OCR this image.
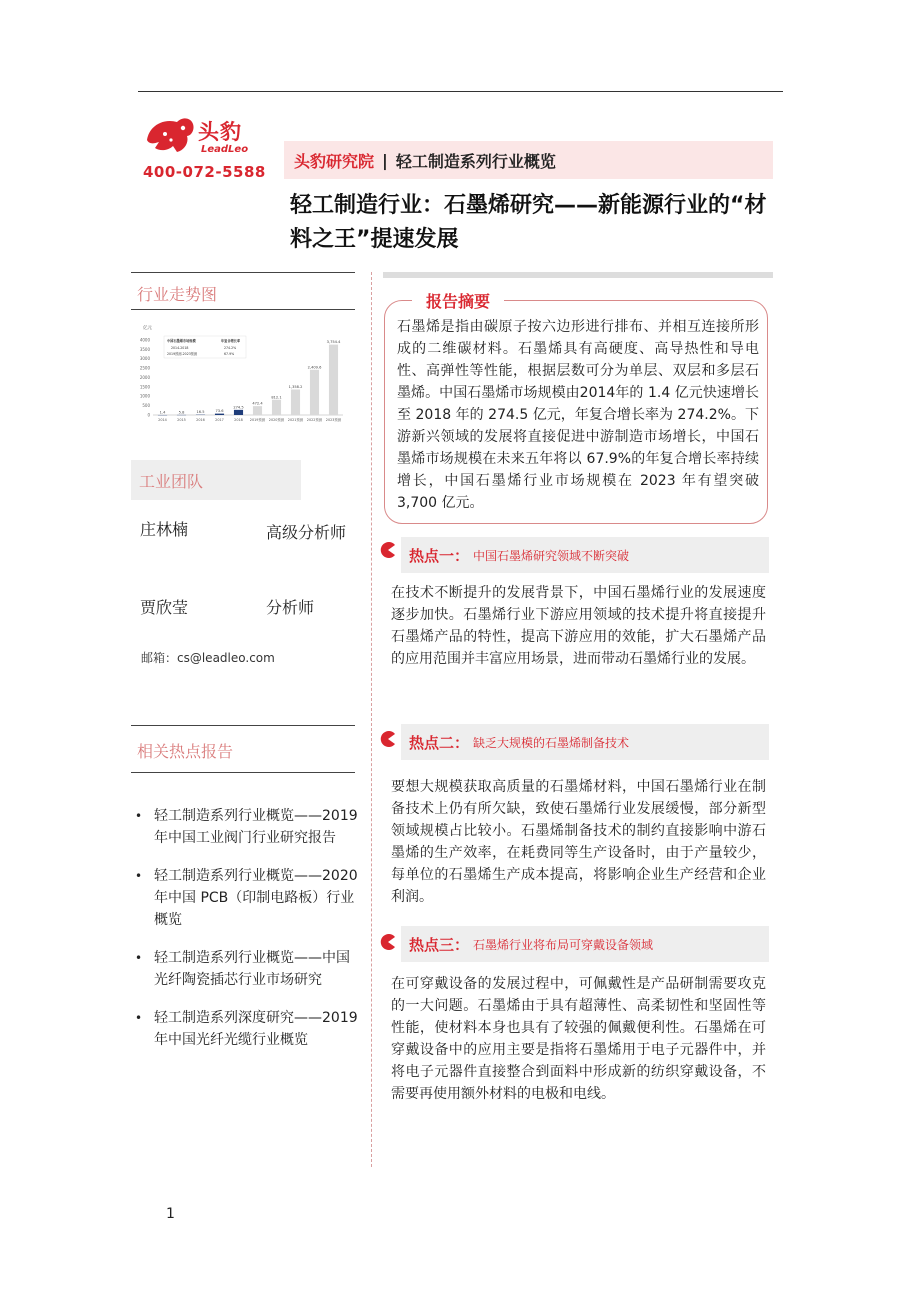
头豹
LeadLeo
400-072-5588
头豹研究院 | 轻工制造系列行业概览
轻工制造行业：石墨烯研究——新能源行业的“材料之王”提速发展
行业走势图
亿元
4000
3500
3000
2500
2000
1500
1000
500
0	1.4
2014
5.8
2015
16.5
2016
73.6
2017
274.5
2018
472.4
2019预测
812.1
2020预测
1,358.2
2021预测
2,409.6
2022预测
3,754.4
2023预测
中国石墨烯市场规模	年复合增长率
2014-2018	274.2%
2019预测-2023预测	67.9%
工业团队
庄林楠	高级分析师
贾欣莹	分析师
邮箱：cs@leadleo.com
相关热点报告
• 轻工制造系列行业概览——2019 年中国工业阀门行业研究报告
• 轻工制造系列行业概览——2020 年中国 PCB（印制电路板）行业概览
• 轻工制造系列行业概览——中国光纤陶瓷插芯行业市场研究
• 轻工制造系列深度研究——2019 年中国光纤光缆行业概览
报告摘要
石墨烯是指由碳原子按六边形进行排布、并相互连接所形成的二维碳材料。石墨烯具有高硬度、高导热性和导电性、高弹性等性能，根据层数可分为单层、双层和多层石墨烯。中国石墨烯市场规模由2014年的 1.4 亿元快速增长至 2018 年的 274.5 亿元，年复合增长率为 274.2%。下游新兴领域的发展将直接促进中游制造市场增长，中国石墨烯市场规模在未来五年将以 67.9%的年复合增长率持续增长，中国石墨烯行业市场规模在 2023 年有望突破 3,700 亿元。
热点一： 中国石墨烯研究领域不断突破
在技术不断提升的发展背景下，中国石墨烯行业的发展速度逐步加快。石墨烯行业下游应用领域的技术提升将直接提升石墨烯产品的特性，提高下游应用的效能，扩大石墨烯产品的应用范围并丰富应用场景，进而带动石墨烯行业的发展。
热点二： 缺乏大规模的石墨烯制备技术
要想大规模获取高质量的石墨烯材料，中国石墨烯行业在制备技术上仍有所欠缺，致使石墨烯行业发展缓慢，部分新型领域规模占比较小。石墨烯制备技术的制约直接影响中游石墨烯的生产效率，在耗费同等生产设备时，由于产量较少，每单位的石墨烯生产成本提高，将影响企业生产经营和企业利润。
热点三： 石墨烯行业将布局可穿戴设备领域
在可穿戴设备的发展过程中，可佩戴性是产品研制需要攻克的一大问题。石墨烯由于具有超薄性、高柔韧性和坚固性等性能，使材料本身也具有了较强的佩戴便利性。石墨烯在可穿戴设备中的应用主要是指将石墨烯用于电子元器件中，并将电子元器件直接整合到面料中形成新的纺织穿戴设备，不需要再使用额外材料的电极和电线。
1
